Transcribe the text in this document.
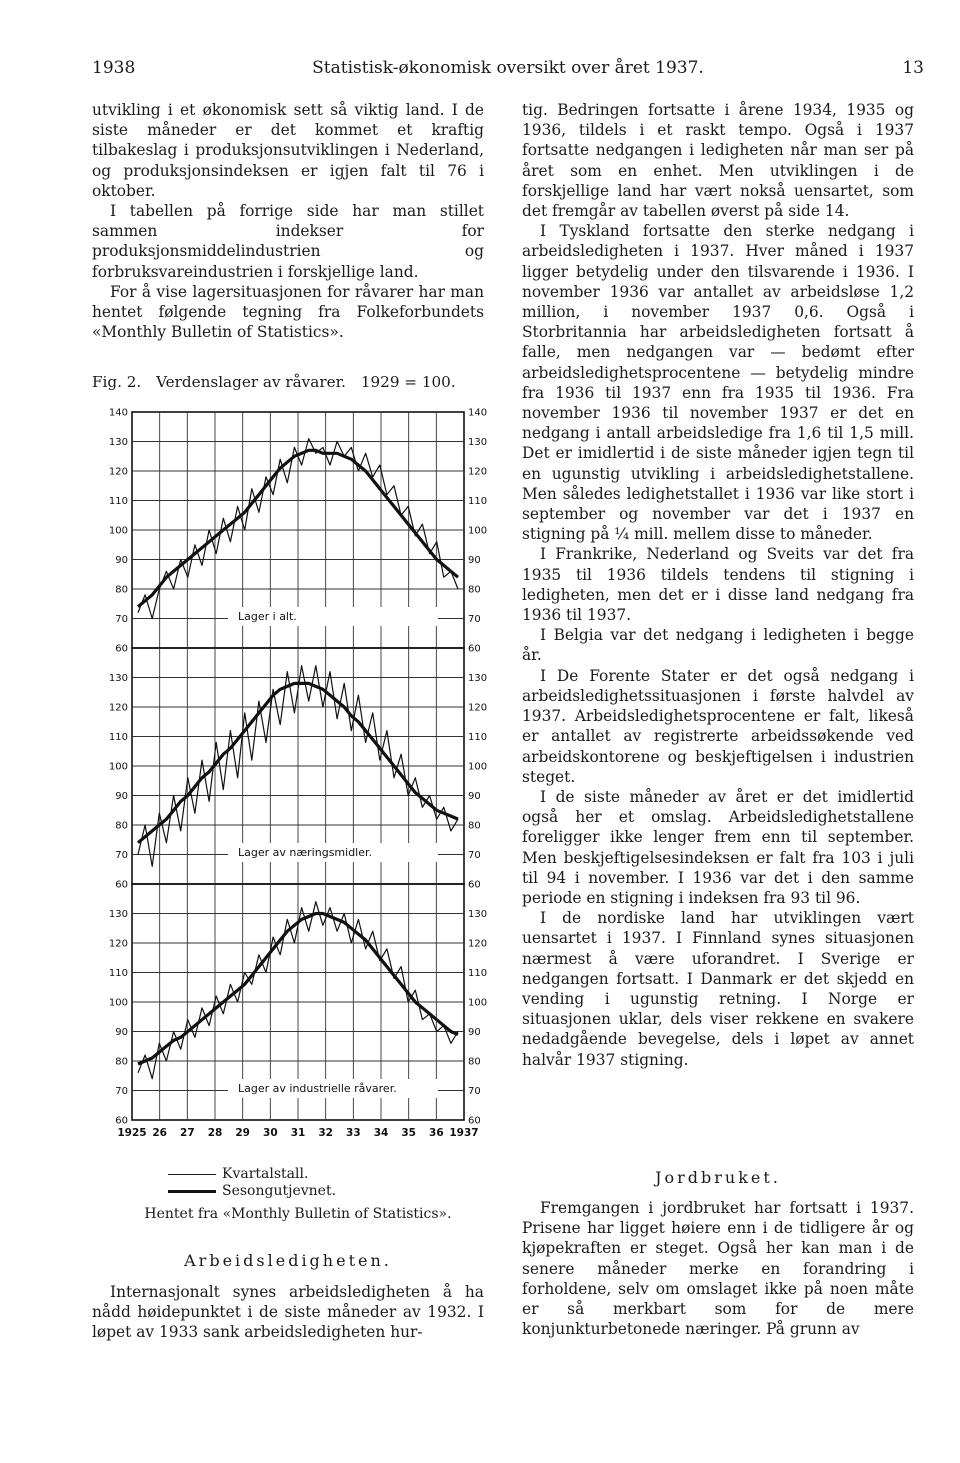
1938	Statistisk-økonomisk oversikt over året 1937.	13

utvikling i et økonomisk sett så viktig land. I de siste måneder er det kommet et kraftig tilbakeslag i produksjonsutviklingen i Nederland, og produksjonsindeksen er igjen falt til 76 i oktober.

I tabellen på forrige side har man stillet sammen indekser for produksjonsmiddelindustrien og forbruksvareindustrien i forskjellige land.

For å vise lagersituasjonen for råvarer har man hentet følgende tegning fra Folkeforbundets «Monthly Bulletin of Statistics».

Fig. 2. Verdenslager av råvarer. 1929 = 100.
60	60
70	70
80	80
90	90
100	100
110	110
120	120
130	130
140	140
Lager i alt.
60	60
70	70
80	80
90	90
100	100
110	110
120	120
130	130
Lager av næringsmidler.
60	60
70	70
80	80
90	90
100	100
110	110
120	120
130	130
Lager av industrielle råvarer.
1925 26 27 28 29 30 31 32 33 34 35 36 1937
Kvartalstall.
Sesongutjevnet.
Hentet fra «Monthly Bulletin of Statistics».
Arbeidsledigheten.

Internasjonalt synes arbeidsledigheten å ha nådd høidepunktet i de siste måneder av 1932. I løpet av 1933 sank arbeidsledigheten hur-

tig. Bedringen fortsatte i årene 1934, 1935 og 1936, tildels i et raskt tempo. Også i 1937 fortsatte nedgangen i ledigheten når man ser på året som en enhet. Men utviklingen i de forskjellige land har vært nokså uensartet, som det fremgår av tabellen øverst på side 14.

I Tyskland fortsatte den sterke nedgang i arbeidsledigheten i 1937. Hver måned i 1937 ligger betydelig under den tilsvarende i 1936. I november 1936 var antallet av arbeidsløse 1,2 million, i november 1937 0,6. Også i Storbritannia har arbeidsledigheten fortsatt å falle, men nedgangen var — bedømt efter arbeidsledighetsprocentene — betydelig mindre fra 1936 til 1937 enn fra 1935 til 1936. Fra november 1936 til november 1937 er det en nedgang i antall arbeidsledige fra 1,6 til 1,5 mill. Det er imidlertid i de siste måneder igjen tegn til en ugunstig utvikling i arbeidsledighetstallene. Men således ledighetstallet i 1936 var like stort i september og november var det i 1937 en stigning på ¼ mill. mellem disse to måneder.

I Frankrike, Nederland og Sveits var det fra 1935 til 1936 tildels tendens til stigning i ledigheten, men det er i disse land nedgang fra 1936 til 1937.

I Belgia var det nedgang i ledigheten i begge år.

I De Forente Stater er det også nedgang i arbeidsledighetssituasjonen i første halvdel av 1937. Arbeidsledighetsprocentene er falt, likeså er antallet av registrerte arbeidssøkende ved arbeidskontorene og beskjeftigelsen i industrien steget.

I de siste måneder av året er det imidlertid også her et omslag. Arbeidsledighetstallene foreligger ikke lenger frem enn til september. Men beskjeftigelsesindeksen er falt fra 103 i juli til 94 i november. I 1936 var det i den samme periode en stigning i indeksen fra 93 til 96.

I de nordiske land har utviklingen vært uensartet i 1937. I Finnland synes situasjonen nærmest å være uforandret. I Sverige er nedgangen fortsatt. I Danmark er det skjedd en vending i ugunstig retning. I Norge er situasjonen uklar, dels viser rekkene en svakere nedadgående bevegelse, dels i løpet av annet halvår 1937 stigning.

Jordbruket.

Fremgangen i jordbruket har fortsatt i 1937. Prisene har ligget høiere enn i de tidligere år og kjøpekraften er steget. Også her kan man i de senere måneder merke en forandring i forholdene, selv om omslaget ikke på noen måte er så merkbart som for de mere konjunkturbetonede næringer. På grunn av
